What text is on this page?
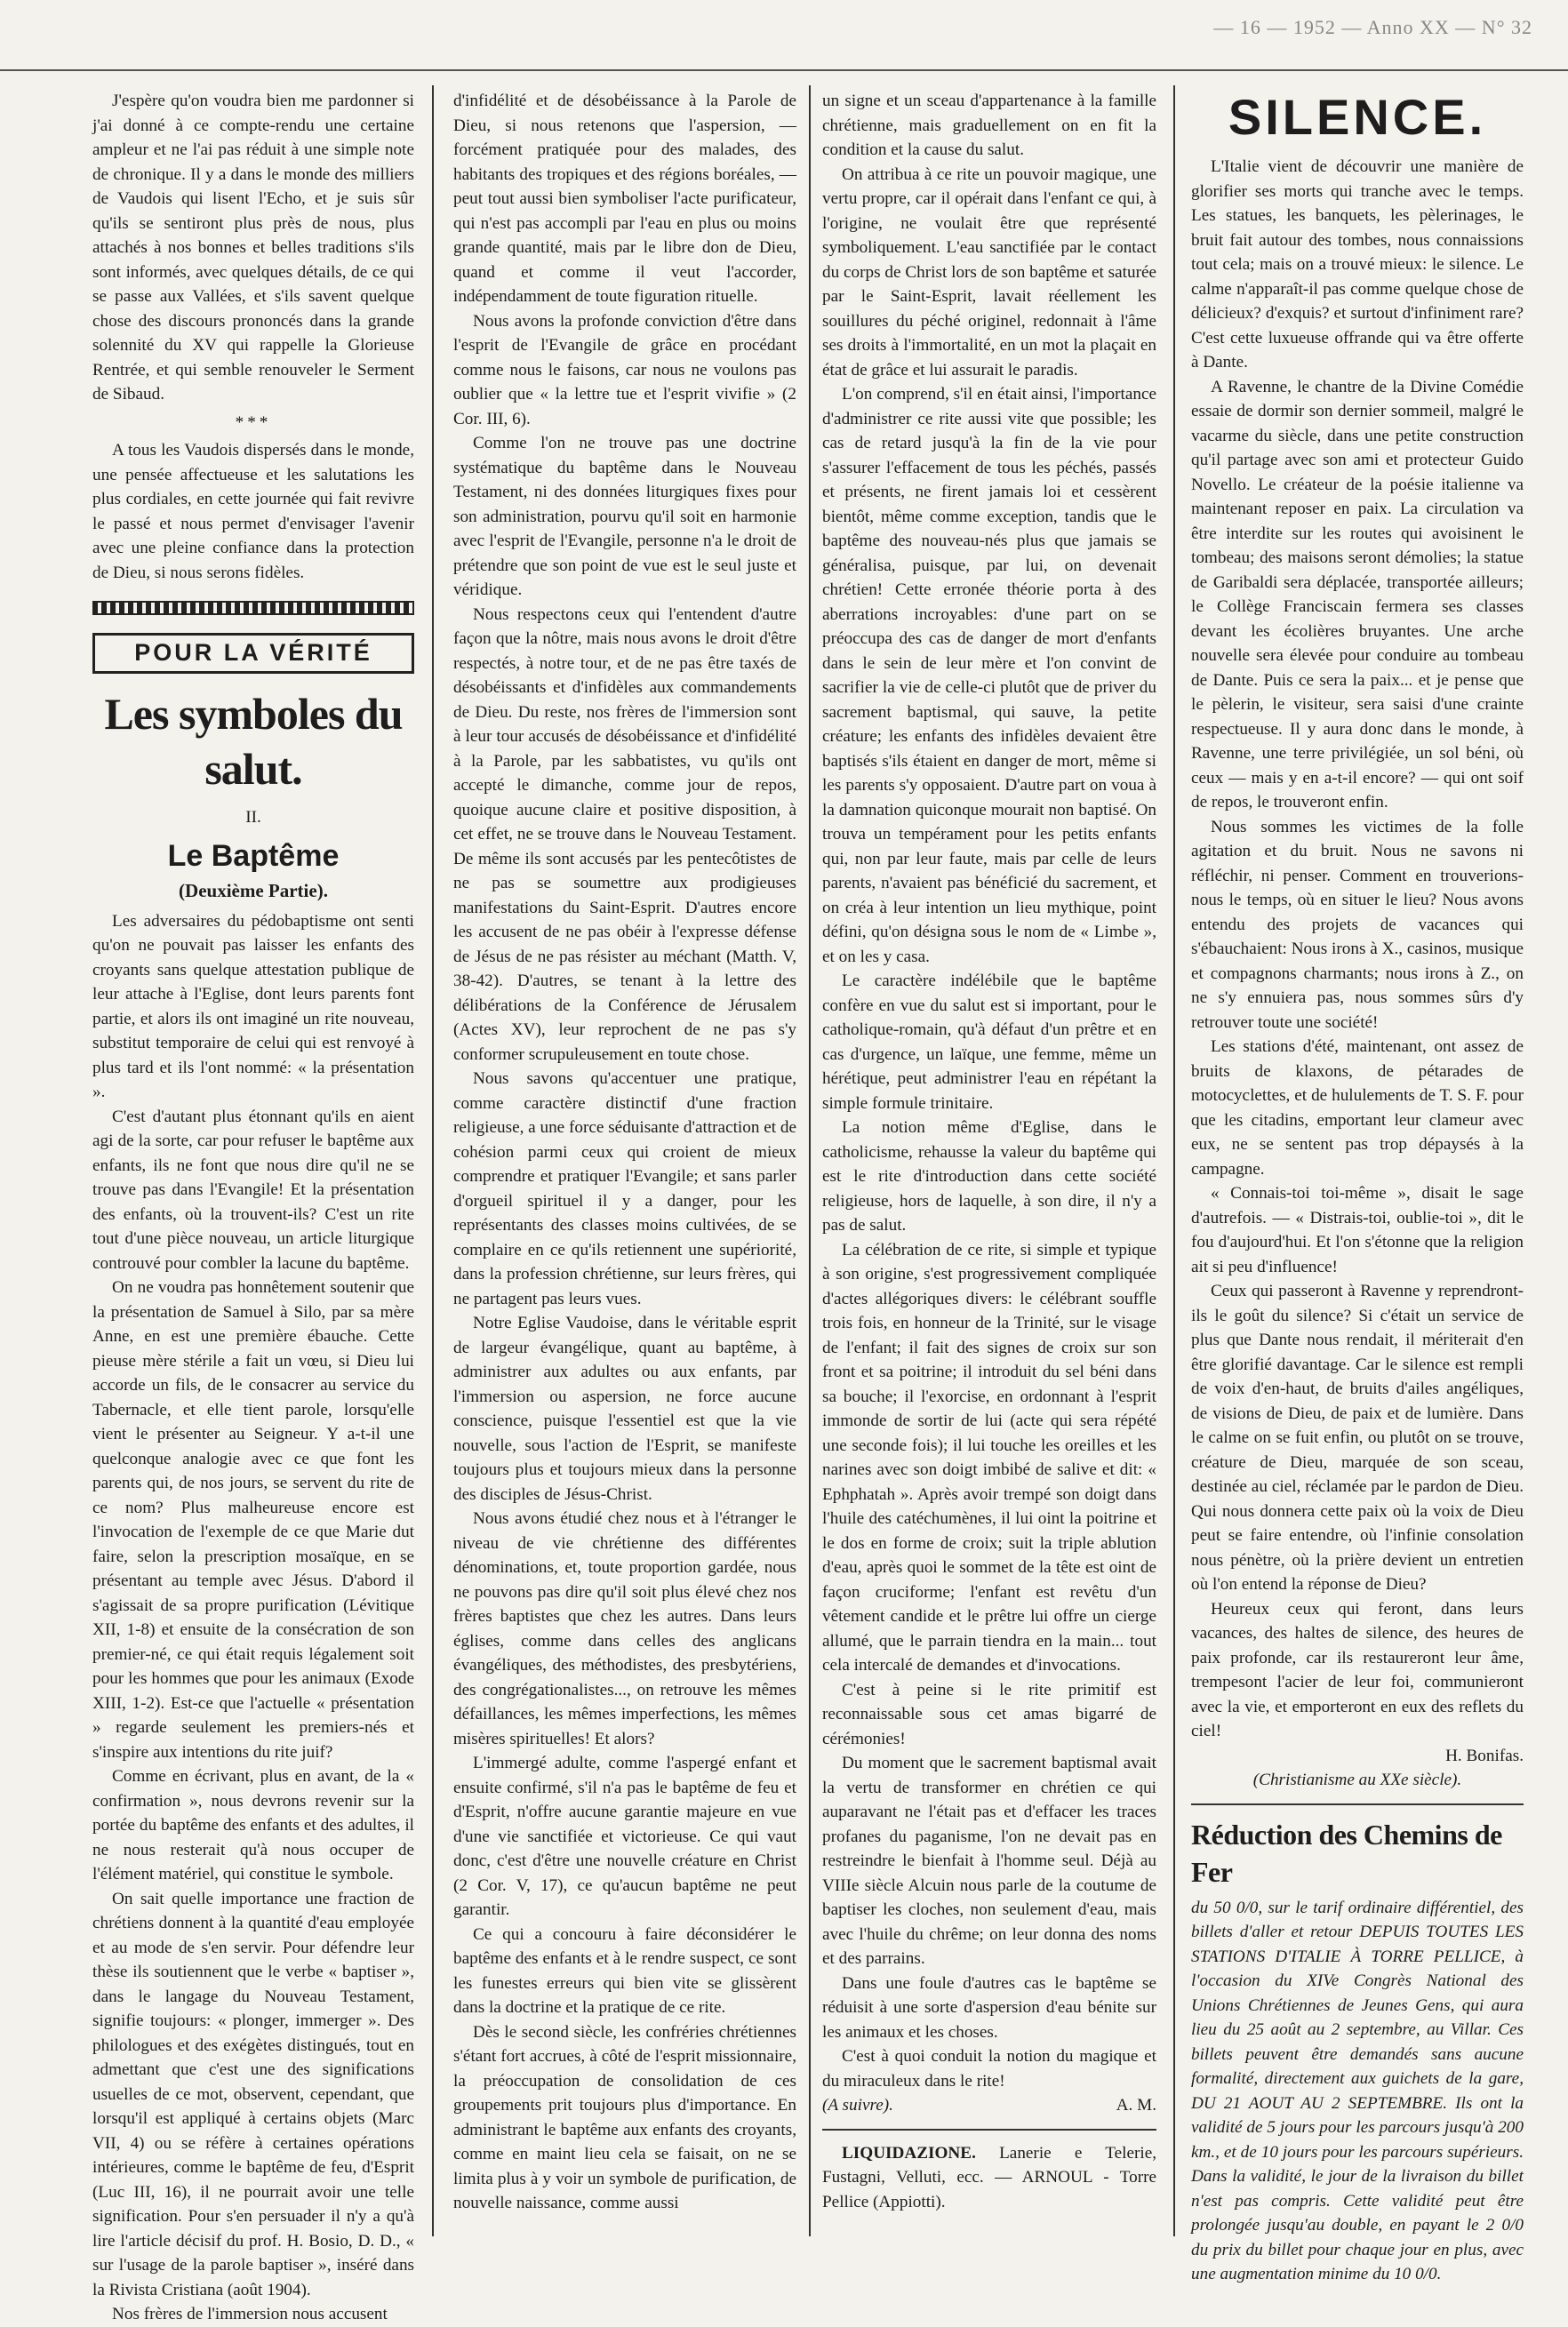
— 16 — 1952 — Anno XX — N° 32

J'espère qu'on voudra bien me pardonner si j'ai donné à ce compte-rendu une certaine ampleur et ne l'ai pas réduit à une simple note de chronique. Il y a dans le monde des milliers de Vaudois qui lisent l'Echo, et je suis sûr qu'ils se sentiront plus près de nous, plus attachés à nos bonnes et belles traditions s'ils sont informés, avec quelques détails, de ce qui se passe aux Vallées, et s'ils savent quelque chose des discours prononcés dans la grande solennité du XV qui rappelle la Glorieuse Rentrée, et qui semble renouveler le Serment de Sibaud.

***

A tous les Vaudois dispersés dans le monde, une pensée affectueuse et les salutations les plus cordiales, en cette journée qui fait revivre le passé et nous permet d'envisager l'avenir avec une pleine confiance dans la protection de Dieu, si nous serons fidèles.

POUR LA VÉRITÉ
Les symboles du salut.
II.
Le Baptême
(Deuxième Partie).

Les adversaires du pédobaptisme ont senti qu'on ne pouvait pas laisser les enfants des croyants sans quelque attestation publique de leur attache à l'Eglise, dont leurs parents font partie, et alors ils ont imaginé un rite nouveau, substitut temporaire de celui qui est renvoyé à plus tard et ils l'ont nommé: « la présentation ».

C'est d'autant plus étonnant qu'ils en aient agi de la sorte, car pour refuser le baptême aux enfants, ils ne font que nous dire qu'il ne se trouve pas dans l'Evangile! Et la présentation des enfants, où la trouvent-ils? C'est un rite tout d'une pièce nouveau, un article liturgique controuvé pour combler la lacune du baptême.

On ne voudra pas honnêtement soutenir que la présentation de Samuel à Silo, par sa mère Anne, en est une première ébauche. Cette pieuse mère stérile a fait un vœu, si Dieu lui accorde un fils, de le consacrer au service du Tabernacle, et elle tient parole, lorsqu'elle vient le présenter au Seigneur. Y a-t-il une quelconque analogie avec ce que font les parents qui, de nos jours, se servent du rite de ce nom? Plus malheureuse encore est l'invocation de l'exemple de ce que Marie dut faire, selon la prescription mosaïque, en se présentant au temple avec Jésus. D'abord il s'agissait de sa propre purification (Lévitique XII, 1-8) et ensuite de la consécration de son premier-né, ce qui était requis légalement soit pour les hommes que pour les animaux (Exode XIII, 1-2). Est-ce que l'actuelle « présentation » regarde seulement les premiers-nés et s'inspire aux intentions du rite juif?

Comme en écrivant, plus en avant, de la « confirmation », nous devrons revenir sur la portée du baptême des enfants et des adultes, il ne nous resterait qu'à nous occuper de l'élément matériel, qui constitue le symbole.

On sait quelle importance une fraction de chrétiens donnent à la quantité d'eau employée et au mode de s'en servir. Pour défendre leur thèse ils soutiennent que le verbe « baptiser », dans le langage du Nouveau Testament, signifie toujours: « plonger, immerger ». Des philologues et des exégètes distingués, tout en admettant que c'est une des significations usuelles de ce mot, observent, cependant, que lorsqu'il est appliqué à certains objets (Marc VII, 4) ou se réfère à certaines opérations intérieures, comme le baptême de feu, d'Esprit (Luc III, 16), il ne pourrait avoir une telle signification. Pour s'en persuader il n'y a qu'à lire l'article décisif du prof. H. Bosio, D. D., « sur l'usage de la parole baptiser », inséré dans la Rivista Cristiana (août 1904).

Nos frères de l'immersion nous accusent

d'infidélité et de désobéissance à la Parole de Dieu, si nous retenons que l'aspersion, — forcément pratiquée pour des malades, des habitants des tropiques et des régions boréales, — peut tout aussi bien symboliser l'acte purificateur, qui n'est pas accompli par l'eau en plus ou moins grande quantité, mais par le libre don de Dieu, quand et comme il veut l'accorder, indépendamment de toute figuration rituelle.

Nous avons la profonde conviction d'être dans l'esprit de l'Evangile de grâce en procédant comme nous le faisons, car nous ne voulons pas oublier que « la lettre tue et l'esprit vivifie » (2 Cor. III, 6).

Comme l'on ne trouve pas une doctrine systématique du baptême dans le Nouveau Testament, ni des données liturgiques fixes pour son administration, pourvu qu'il soit en harmonie avec l'esprit de l'Evangile, personne n'a le droit de prétendre que son point de vue est le seul juste et véridique.

Nous respectons ceux qui l'entendent d'autre façon que la nôtre, mais nous avons le droit d'être respectés, à notre tour, et de ne pas être taxés de désobéissants et d'infidèles aux commandements de Dieu. Du reste, nos frères de l'immersion sont à leur tour accusés de désobéissance et d'infidélité à la Parole, par les sabbatistes, vu qu'ils ont accepté le dimanche, comme jour de repos, quoique aucune claire et positive disposition, à cet effet, ne se trouve dans le Nouveau Testament. De même ils sont accusés par les pentecôtistes de ne pas se soumettre aux prodigieuses manifestations du Saint-Esprit. D'autres encore les accusent de ne pas obéir à l'expresse défense de Jésus de ne pas résister au méchant (Matth. V, 38-42). D'autres, se tenant à la lettre des délibérations de la Conférence de Jérusalem (Actes XV), leur reprochent de ne pas s'y conformer scrupuleusement en toute chose.

Nous savons qu'accentuer une pratique, comme caractère distinctif d'une fraction religieuse, a une force séduisante d'attraction et de cohésion parmi ceux qui croient de mieux comprendre et pratiquer l'Evangile; et sans parler d'orgueil spirituel il y a danger, pour les représentants des classes moins cultivées, de se complaire en ce qu'ils retiennent une supériorité, dans la profession chrétienne, sur leurs frères, qui ne partagent pas leurs vues.

Notre Eglise Vaudoise, dans le véritable esprit de largeur évangélique, quant au baptême, à administrer aux adultes ou aux enfants, par l'immersion ou aspersion, ne force aucune conscience, puisque l'essentiel est que la vie nouvelle, sous l'action de l'Esprit, se manifeste toujours plus et toujours mieux dans la personne des disciples de Jésus-Christ.

Nous avons étudié chez nous et à l'étranger le niveau de vie chrétienne des différentes dénominations, et, toute proportion gardée, nous ne pouvons pas dire qu'il soit plus élevé chez nos frères baptistes que chez les autres. Dans leurs églises, comme dans celles des anglicans évangéliques, des méthodistes, des presbytériens, des congrégationalistes..., on retrouve les mêmes défaillances, les mêmes imperfections, les mêmes misères spirituelles! Et alors?

L'immergé adulte, comme l'aspergé enfant et ensuite confirmé, s'il n'a pas le baptême de feu et d'Esprit, n'offre aucune garantie majeure en vue d'une vie sanctifiée et victorieuse. Ce qui vaut donc, c'est d'être une nouvelle créature en Christ (2 Cor. V, 17), ce qu'aucun baptême ne peut garantir.

Ce qui a concouru à faire déconsidérer le baptême des enfants et à le rendre suspect, ce sont les funestes erreurs qui bien vite se glissèrent dans la doctrine et la pratique de ce rite.

Dès le second siècle, les confréries chrétiennes s'étant fort accrues, à côté de l'esprit missionnaire, la préoccupation de consolidation de ces groupements prit toujours plus d'importance. En administrant le baptême aux enfants des croyants, comme en maint lieu cela se faisait, on ne se limita plus à y voir un symbole de purification, de nouvelle naissance, comme aussi

un signe et un sceau d'appartenance à la famille chrétienne, mais graduellement on en fit la condition et la cause du salut.

On attribua à ce rite un pouvoir magique, une vertu propre, car il opérait dans l'enfant ce qui, à l'origine, ne voulait être que représenté symboliquement. L'eau sanctifiée par le contact du corps de Christ lors de son baptême et saturée par le Saint-Esprit, lavait réellement les souillures du péché originel, redonnait à l'âme ses droits à l'immortalité, en un mot la plaçait en état de grâce et lui assurait le paradis.

L'on comprend, s'il en était ainsi, l'importance d'administrer ce rite aussi vite que possible; les cas de retard jusqu'à la fin de la vie pour s'assurer l'effacement de tous les péchés, passés et présents, ne firent jamais loi et cessèrent bientôt, même comme exception, tandis que le baptême des nouveau-nés plus que jamais se généralisa, puisque, par lui, on devenait chrétien! Cette erronée théorie porta à des aberrations incroyables: d'une part on se préoccupa des cas de danger de mort d'enfants dans le sein de leur mère et l'on convint de sacrifier la vie de celle-ci plutôt que de priver du sacrement baptismal, qui sauve, la petite créature; les enfants des infidèles devaient être baptisés s'ils étaient en danger de mort, même si les parents s'y opposaient. D'autre part on voua à la damnation quiconque mourait non baptisé. On trouva un tempérament pour les petits enfants qui, non par leur faute, mais par celle de leurs parents, n'avaient pas bénéficié du sacrement, et on créa à leur intention un lieu mythique, point défini, qu'on désigna sous le nom de « Limbe », et on les y casa.

Le caractère indélébile que le baptême confère en vue du salut est si important, pour le catholique-romain, qu'à défaut d'un prêtre et en cas d'urgence, un laïque, une femme, même un hérétique, peut administrer l'eau en répétant la simple formule trinitaire.

La notion même d'Eglise, dans le catholicisme, rehausse la valeur du baptême qui est le rite d'introduction dans cette société religieuse, hors de laquelle, à son dire, il n'y a pas de salut.

La célébration de ce rite, si simple et typique à son origine, s'est progressivement compliquée d'actes allégoriques divers: le célébrant souffle trois fois, en honneur de la Trinité, sur le visage de l'enfant; il fait des signes de croix sur son front et sa poitrine; il introduit du sel béni dans sa bouche; il l'exorcise, en ordonnant à l'esprit immonde de sortir de lui (acte qui sera répété une seconde fois); il lui touche les oreilles et les narines avec son doigt imbibé de salive et dit: « Ephphatah ». Après avoir trempé son doigt dans l'huile des catéchumènes, il lui oint la poitrine et le dos en forme de croix; suit la triple ablution d'eau, après quoi le sommet de la tête est oint de façon cruciforme; l'enfant est revêtu d'un vêtement candide et le prêtre lui offre un cierge allumé, que le parrain tiendra en la main... tout cela intercalé de demandes et d'invocations.

C'est à peine si le rite primitif est reconnaissable sous cet amas bigarré de cérémonies!

Du moment que le sacrement baptismal avait la vertu de transformer en chrétien ce qui auparavant ne l'était pas et d'effacer les traces profanes du paganisme, l'on ne devait pas en restreindre le bienfait à l'homme seul. Déjà au VIIIe siècle Alcuin nous parle de la coutume de baptiser les cloches, non seulement d'eau, mais avec l'huile du chrême; on leur donna des noms et des parrains.

Dans une foule d'autres cas le baptême se réduisit à une sorte d'aspersion d'eau bénite sur les animaux et les choses.

C'est à quoi conduit la notion du magique et du miraculeux dans le rite!

(A suivre).	A. M.

LIQUIDAZIONE. Lanerie e Telerie, Fustagni, Velluti, ecc. — ARNOUL - Torre Pellice (Appiotti).

SILENCE.

L'Italie vient de découvrir une manière de glorifier ses morts qui tranche avec le temps. Les statues, les banquets, les pèlerinages, le bruit fait autour des tombes, nous connaissions tout cela; mais on a trouvé mieux: le silence. Le calme n'apparaît-il pas comme quelque chose de délicieux? d'exquis? et surtout d'infiniment rare? C'est cette luxueuse offrande qui va être offerte à Dante.

A Ravenne, le chantre de la Divine Comédie essaie de dormir son dernier sommeil, malgré le vacarme du siècle, dans une petite construction qu'il partage avec son ami et protecteur Guido Novello. Le créateur de la poésie italienne va maintenant reposer en paix. La circulation va être interdite sur les routes qui avoisinent le tombeau; des maisons seront démolies; la statue de Garibaldi sera déplacée, transportée ailleurs; le Collège Franciscain fermera ses classes devant les écolières bruyantes. Une arche nouvelle sera élevée pour conduire au tombeau de Dante. Puis ce sera la paix... et je pense que le pèlerin, le visiteur, sera saisi d'une crainte respectueuse. Il y aura donc dans le monde, à Ravenne, une terre privilégiée, un sol béni, où ceux — mais y en a-t-il encore? — qui ont soif de repos, le trouveront enfin.

Nous sommes les victimes de la folle agitation et du bruit. Nous ne savons ni réfléchir, ni penser. Comment en trouverions-nous le temps, où en situer le lieu? Nous avons entendu des projets de vacances qui s'ébauchaient: Nous irons à X., casinos, musique et compagnons charmants; nous irons à Z., on ne s'y ennuiera pas, nous sommes sûrs d'y retrouver toute une société!

Les stations d'été, maintenant, ont assez de bruits de klaxons, de pétarades de motocyclettes, et de hululements de T. S. F. pour que les citadins, emportant leur clameur avec eux, ne se sentent pas trop dépaysés à la campagne.

« Connais-toi toi-même », disait le sage d'autrefois. — « Distrais-toi, oublie-toi », dit le fou d'aujourd'hui. Et l'on s'étonne que la religion ait si peu d'influence!

Ceux qui passeront à Ravenne y reprendront-ils le goût du silence? Si c'était un service de plus que Dante nous rendait, il mériterait d'en être glorifié davantage. Car le silence est rempli de voix d'en-haut, de bruits d'ailes angéliques, de visions de Dieu, de paix et de lumière. Dans le calme on se fuit enfin, ou plutôt on se trouve, créature de Dieu, marquée de son sceau, destinée au ciel, réclamée par le pardon de Dieu. Qui nous donnera cette paix où la voix de Dieu peut se faire entendre, où l'infinie consolation nous pénètre, où la prière devient un entretien où l'on entend la réponse de Dieu?

Heureux ceux qui feront, dans leurs vacances, des haltes de silence, des heures de paix profonde, car ils restaureront leur âme, trempesont l'acier de leur foi, communieront avec la vie, et emporteront en eux des reflets du ciel!

H. Bonifas.

(Christianisme au XXe siècle).

Réduction des Chemins de Fer

du 50 0/0, sur le tarif ordinaire différentiel, des billets d'aller et retour DEPUIS TOUTES LES STATIONS D'ITALIE À TORRE PELLICE, à l'occasion du XIVe Congrès National des Unions Chrétiennes de Jeunes Gens, qui aura lieu du 25 août au 2 septembre, au Villar. Ces billets peuvent être demandés sans aucune formalité, directement aux guichets de la gare, DU 21 AOUT AU 2 SEPTEMBRE. Ils ont la validité de 5 jours pour les parcours jusqu'à 200 km., et de 10 jours pour les parcours supérieurs. Dans la validité, le jour de la livraison du billet n'est pas compris. Cette validité peut être prolongée jusqu'au double, en payant le 2 0/0 du prix du billet pour chaque jour en plus, avec une augmentation minime du 10 0/0.
